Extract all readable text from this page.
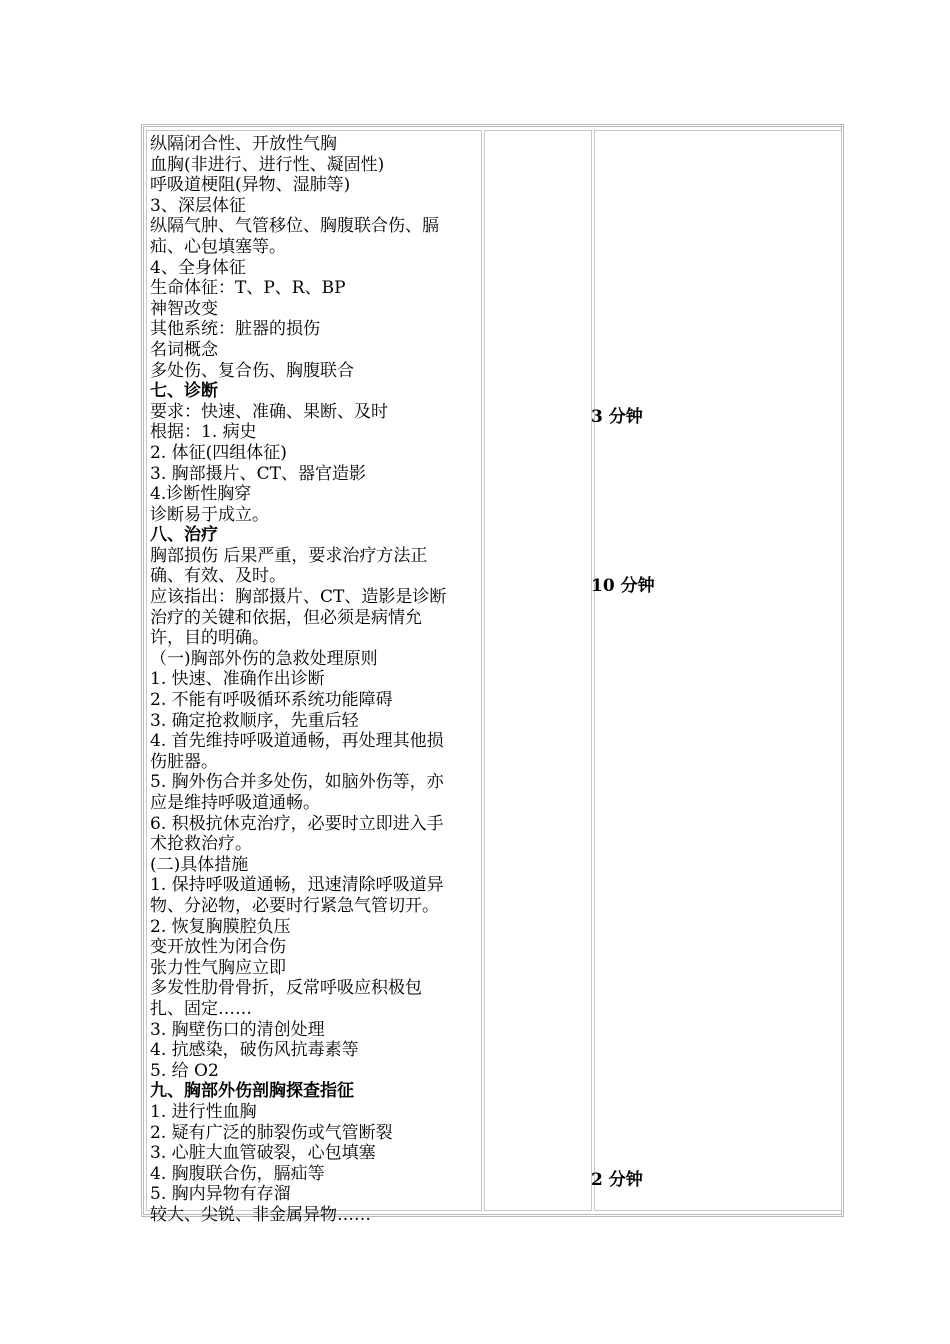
纵隔闭合性、开放性气胸
血胸(非进行、进行性、凝固性)
呼吸道梗阻(异物、湿肺等)
3、深层体征
纵隔气肿、气管移位、胸腹联合伤、膈
疝、心包填塞等。
4、全身体征
生命体征：T、P、R、BP
神智改变
其他系统：脏器的损伤
名词概念
多处伤、复合伤、胸腹联合
七、诊断
要求：快速、准确、果断、及时
根据：1. 病史
2. 体征(四组体征)
3. 胸部摄片、CT、器官造影
4.诊断性胸穿
诊断易于成立。
八、治疗
胸部损伤 后果严重，要求治疗方法正
确、有效、及时。
应该指出：胸部摄片、CT、造影是诊断
治疗的关键和依据，但必须是病情允
许，目的明确。
（一)胸部外伤的急救处理原则
1. 快速、准确作出诊断
2. 不能有呼吸循环系统功能障碍
3. 确定抢救顺序，先重后轻
4. 首先维持呼吸道通畅，再处理其他损
伤脏器。
5. 胸外伤合并多处伤，如脑外伤等，亦
应是维持呼吸道通畅。
6. 积极抗休克治疗，必要时立即进入手
术抢救治疗。
(二)具体措施
1. 保持呼吸道通畅，迅速清除呼吸道异
物、分泌物，必要时行紧急气管切开。
2. 恢复胸膜腔负压
变开放性为闭合伤
张力性气胸应立即
多发性肋骨骨折，反常呼吸应积极包
扎、固定……
3. 胸壁伤口的清创处理
4. 抗感染，破伤风抗毒素等
5. 给 O2
九、胸部外伤剖胸探查指征
1. 进行性血胸
2. 疑有广泛的肺裂伤或气管断裂
3. 心脏大血管破裂，心包填塞
4. 胸腹联合伤，膈疝等
5. 胸内异物有存溜
较大、尖锐、非金属异物……
3 分钟
10 分钟
2 分钟
